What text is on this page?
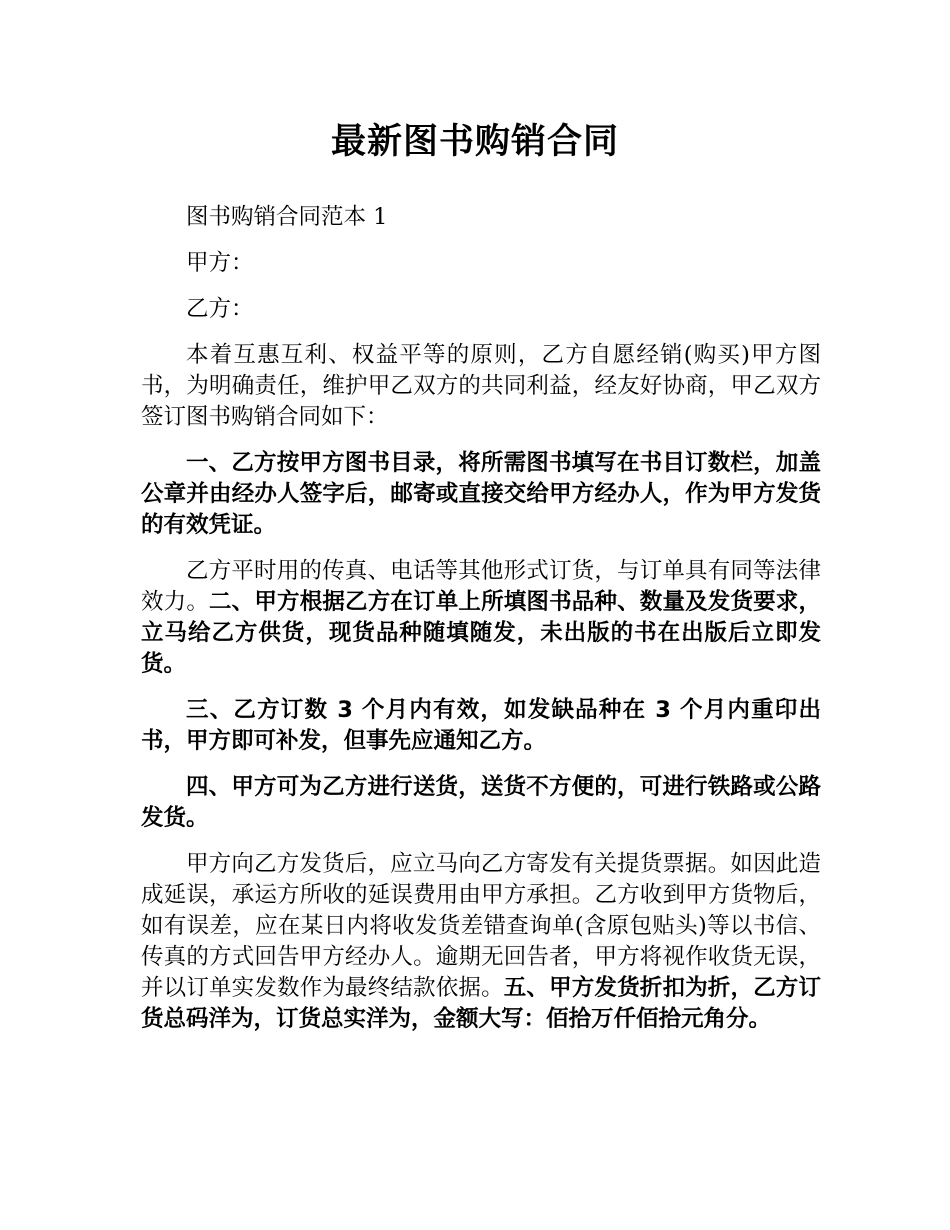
最新图书购销合同

图书购销合同范本 1

甲方：

乙方：

本着互惠互利、权益平等的原则，乙方自愿经销(购买)甲方图书，为明确责任，维护甲乙双方的共同利益，经友好协商，甲乙双方签订图书购销合同如下：

一、乙方按甲方图书目录，将所需图书填写在书目订数栏，加盖公章并由经办人签字后，邮寄或直接交给甲方经办人，作为甲方发货的有效凭证。

乙方平时用的传真、电话等其他形式订货，与订单具有同等法律效力。二、甲方根据乙方在订单上所填图书品种、数量及发货要求，立马给乙方供货，现货品种随填随发，未出版的书在出版后立即发货。

三、乙方订数 3 个月内有效，如发缺品种在 3 个月内重印出书，甲方即可补发，但事先应通知乙方。

四、甲方可为乙方进行送货，送货不方便的，可进行铁路或公路发货。

甲方向乙方发货后，应立马向乙方寄发有关提货票据。如因此造成延误，承运方所收的延误费用由甲方承担。乙方收到甲方货物后，如有误差，应在某日内将收发货差错查询单(含原包贴头)等以书信、传真的方式回告甲方经办人。逾期无回告者，甲方将视作收货无误，并以订单实发数作为最终结款依据。五、甲方发货折扣为折，乙方订货总码洋为，订货总实洋为，金额大写：佰拾万仟佰拾元角分。
